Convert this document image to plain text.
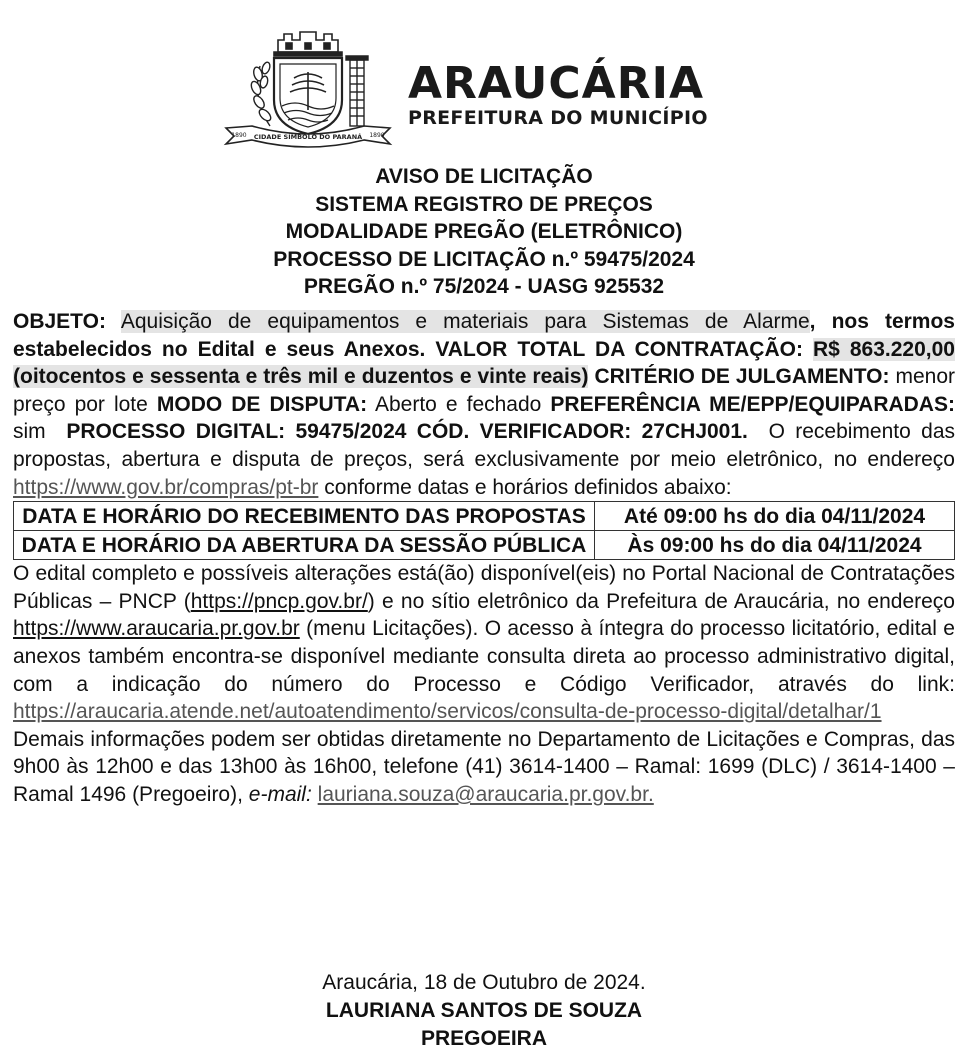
CIDADE SÍMBOLO DO PARANÁ
1890	1890
ARAUCÁRIA
PREFEITURA DO MUNICÍPIO
AVISO DE LICITAÇÃO
SISTEMA REGISTRO DE PREÇOS
MODALIDADE PREGÃO (ELETRÔNICO)
PROCESSO DE LICITAÇÃO n.º 59475/2024
PREGÃO n.º 75/2024 - UASG 925532

OBJETO: Aquisição de equipamentos e materiais para Sistemas de Alarme, nos termos estabelecidos no Edital e seus Anexos. VALOR TOTAL DA CONTRATAÇÃO: R$ 863.220,00 (oitocentos e sessenta e três mil e duzentos e vinte reais) CRITÉRIO DE JULGAMENTO: menor preço por lote MODO DE DISPUTA: Aberto e fechado PREFERÊNCIA ME/EPP/EQUIPARADAS: sim PROCESSO DIGITAL: 59475/2024 CÓD. VERIFICADOR: 27CHJ001. O recebimento das propostas, abertura e disputa de preços, será exclusivamente por meio eletrônico, no endereço https://www.gov.br/compras/pt-br conforme datas e horários definidos abaixo:

DATA E HORÁRIO DO RECEBIMENTO DAS PROPOSTAS	Até 09:00 hs do dia 04/11/2024
DATA E HORÁRIO DA ABERTURA DA SESSÃO PÚBLICA	Às 09:00 hs do dia 04/11/2024

O edital completo e possíveis alterações está(ão) disponível(eis) no Portal Nacional de Contratações Públicas – PNCP (https://pncp.gov.br/) e no sítio eletrônico da Prefeitura de Araucária, no endereço https://www.araucaria.pr.gov.br (menu Licitações). O acesso à íntegra do processo licitatório, edital e anexos também encontra-se disponível mediante consulta direta ao processo administrativo digital, com a indicação do número do Processo e Código Verificador, através do link: https://araucaria.atende.net/autoatendimento/servicos/consulta-de-processo-digital/detalhar/1 Demais informações podem ser obtidas diretamente no Departamento de Licitações e Compras, das 9h00 às 12h00 e das 13h00 às 16h00, telefone (41) 3614-1400 – Ramal: 1699 (DLC) / 3614-1400 – Ramal 1496 (Pregoeiro), e-mail: lauriana.souza@araucaria.pr.gov.br.

Araucária, 18 de Outubro de 2024.
LAURIANA SANTOS DE SOUZA
PREGOEIRA
